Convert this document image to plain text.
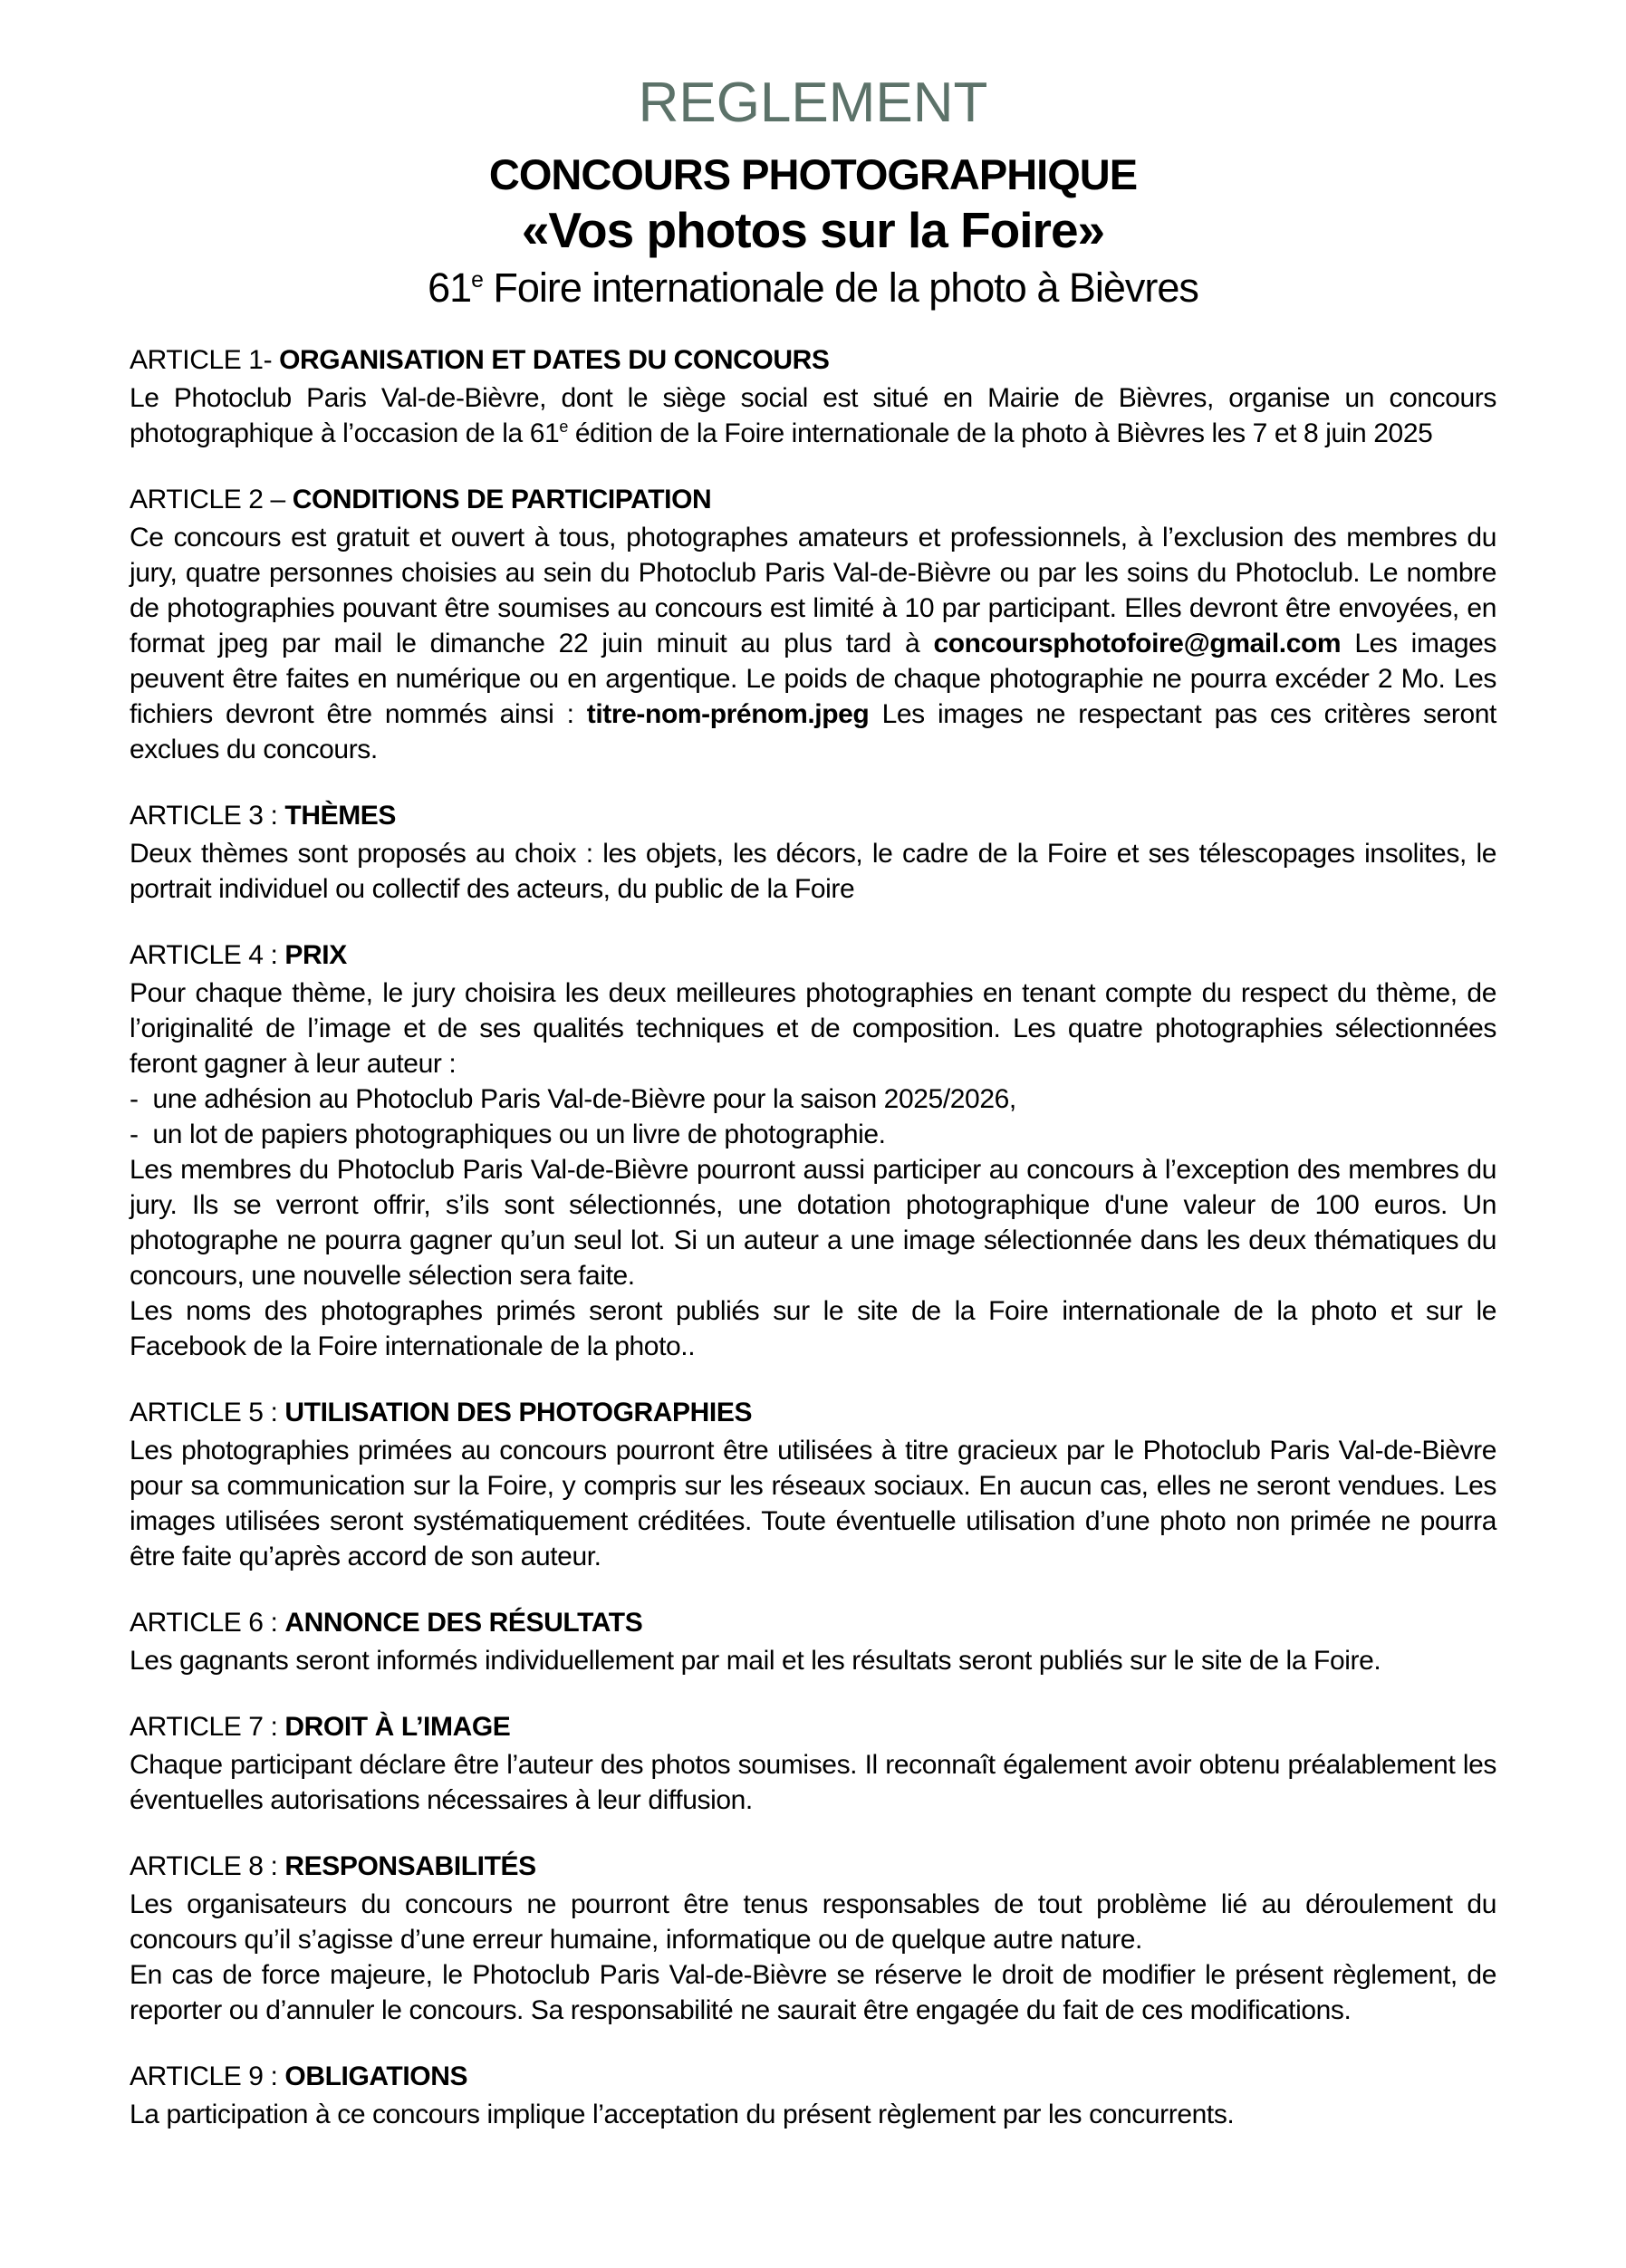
REGLEMENT
CONCOURS PHOTOGRAPHIQUE
«Vos photos sur la Foire»
61e Foire internationale de la photo à Bièvres

ARTICLE 1- ORGANISATION ET DATES DU CONCOURS

Le Photoclub Paris Val-de-Bièvre, dont le siège social est situé en Mairie de Bièvres, organise un concours photographique à l’occasion de la 61e édition de la Foire internationale de la photo à Bièvres les 7 et 8 juin 2025

ARTICLE 2 – CONDITIONS DE PARTICIPATION

Ce concours est gratuit et ouvert à tous, photographes amateurs et professionnels, à l’exclusion des membres du jury, quatre personnes choisies au sein du Photoclub Paris Val-de-Bièvre ou par les soins du Photoclub. Le nombre de photographies pouvant être soumises au concours est limité à 10 par participant. Elles devront être envoyées, en format jpeg par mail le dimanche 22 juin minuit au plus tard à concoursphotofoire@gmail.com Les images peuvent être faites en numérique ou en argentique. Le poids de chaque photographie ne pourra excéder 2 Mo. Les fichiers devront être nommés ainsi : titre-nom-prénom.jpeg Les images ne respectant pas ces critères seront exclues du concours.

ARTICLE 3 : THÈMES

Deux thèmes sont proposés au choix : les objets, les décors, le cadre de la Foire et ses télescopages insolites, le portrait individuel ou collectif des acteurs, du public de la Foire

ARTICLE 4 : PRIX

Pour chaque thème, le jury choisira les deux meilleures photographies en tenant compte du respect du thème, de l’originalité de l’image et de ses qualités techniques et de composition. Les quatre photographies sélectionnées feront gagner à leur auteur :

-  une adhésion au Photoclub Paris Val-de-Bièvre pour la saison 2025/2026,

-  un lot de papiers photographiques ou un livre de photographie.

Les membres du Photoclub Paris Val-de-Bièvre pourront aussi participer au concours à l’exception des membres du jury. Ils se verront offrir, s’ils sont sélectionnés, une dotation photographique d'une valeur de 100 euros. Un photographe ne pourra gagner qu’un seul lot. Si un auteur a une image sélectionnée dans les deux thématiques du concours, une nouvelle sélection sera faite.

Les noms des photographes primés seront publiés sur le site de la Foire internationale de la photo et sur le Facebook de la Foire internationale de la photo..

ARTICLE 5 : UTILISATION DES PHOTOGRAPHIES

Les photographies primées au concours pourront être utilisées à titre gracieux par le Photoclub Paris Val-de-Bièvre pour sa communication sur la Foire, y compris sur les réseaux sociaux. En aucun cas, elles ne seront vendues. Les images utilisées seront systématiquement créditées. Toute éventuelle utilisation d’une photo non primée ne pourra être faite qu’après accord de son auteur.

ARTICLE 6 : ANNONCE DES RÉSULTATS

Les gagnants seront informés individuellement par mail et les résultats seront publiés sur le site de la Foire.

ARTICLE 7 : DROIT À L’IMAGE

Chaque participant déclare être l’auteur des photos soumises. Il reconnaît également avoir obtenu préalablement les éventuelles autorisations nécessaires à leur diffusion.

ARTICLE 8 : RESPONSABILITÉS

Les organisateurs du concours ne pourront être tenus responsables de tout problème lié au déroulement du concours qu’il s’agisse d’une erreur humaine, informatique ou de quelque autre nature.

En cas de force majeure, le Photoclub Paris Val-de-Bièvre se réserve le droit de modifier le présent règlement, de reporter ou d’annuler le concours. Sa responsabilité ne saurait être engagée du fait de ces modifications.

ARTICLE 9 : OBLIGATIONS

La participation à ce concours implique l’acceptation du présent règlement par les concurrents.
